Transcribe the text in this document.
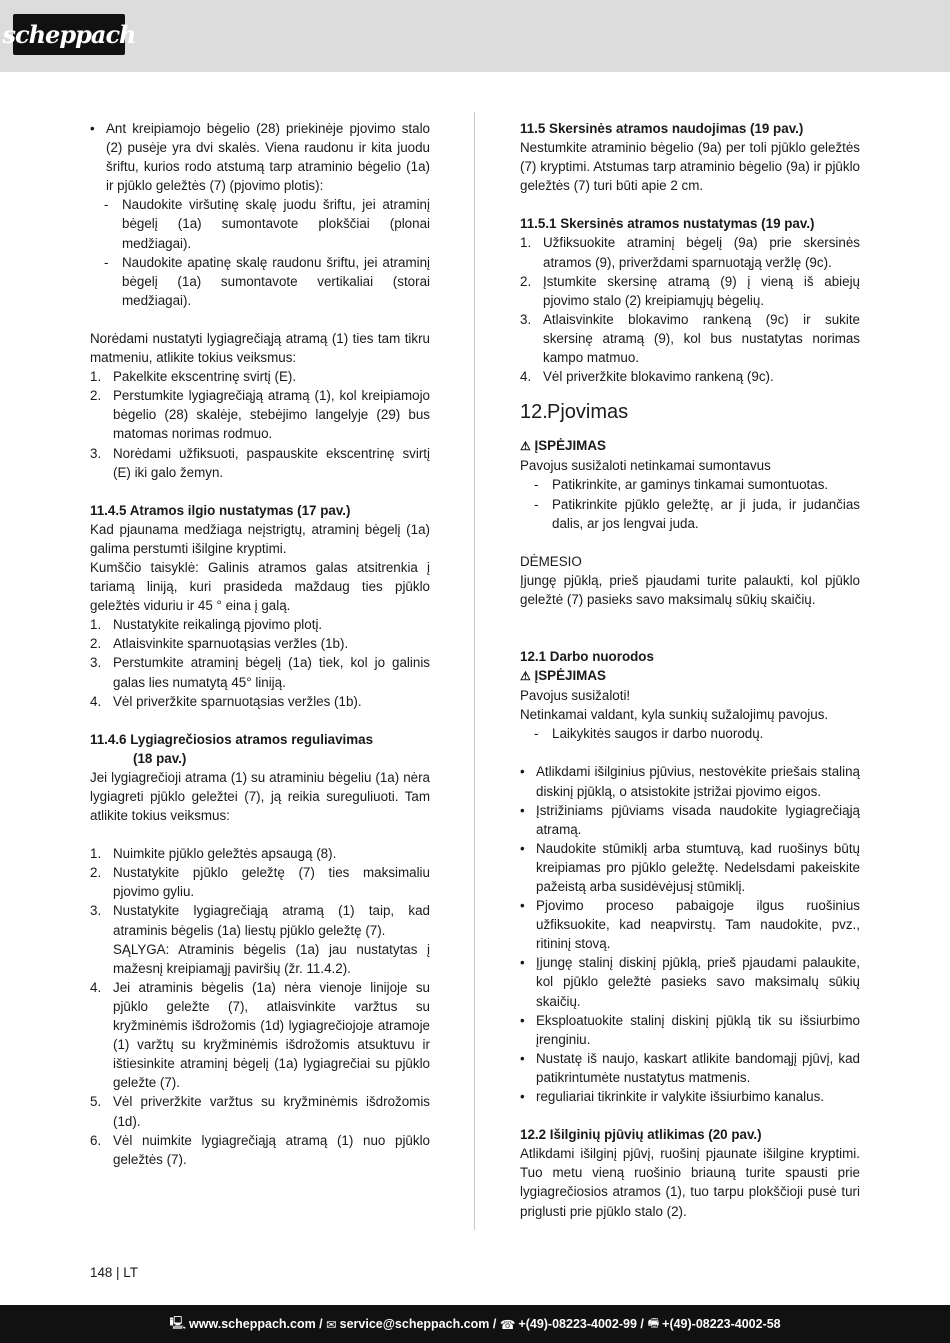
scheppach

• Ant kreipiamojo bėgelio (28) priekinėje pjovimo stalo (2) pusėje yra dvi skalės. Viena raudonu ir kita juodu šriftu, kurios rodo atstumą tarp atraminio bėgelio (1a) ir pjūklo geležtės (7) (pjovimo plotis):

- Naudokite viršutinę skalę juodu šriftu, jei atraminį bėgelį (1a) sumontavote plokščiai (plonai medžiagai).

- Naudokite apatinę skalę raudonu šriftu, jei atraminį bėgelį (1a) sumontavote vertikaliai (storai medžiagai).

Norėdami nustatyti lygiagrečiąją atramą (1) ties tam tikru matmeniu, atlikite tokius veiksmus:

1. Pakelkite ekscentrinę svirtį (E).

2. Perstumkite lygiagrečiąją atramą (1), kol kreipiamojo bėgelio (28) skalėje, stebėjimo langelyje (29) bus matomas norimas rodmuo.

3. Norėdami užfiksuoti, paspauskite ekscentrinę svirtį (E) iki galo žemyn.

11.4.5 Atramos ilgio nustatymas (17 pav.)

Kad pjaunama medžiaga neįstrigtų, atraminį bėgelį (1a) galima perstumti išilgine kryptimi.

Kumščio taisyklė: Galinis atramos galas atsitrenkia į tariamą liniją, kuri prasideda maždaug ties pjūklo geležtės viduriu ir 45 ° eina į galą.

1. Nustatykite reikalingą pjovimo plotį.

2. Atlaisvinkite sparnuotąsias veržles (1b).

3. Perstumkite atraminį bėgelį (1a) tiek, kol jo galinis galas lies numatytą 45° liniją.

4. Vėl priveržkite sparnuotąsias veržles (1b).

11.4.6 Lygiagrečiosios atramos reguliavimas

(18 pav.)

Jei lygiagrečioji atrama (1) su atraminiu bėgeliu (1a) nėra lygiagreti pjūklo geležtei (7), ją reikia sureguliuoti. Tam atlikite tokius veiksmus:

1. Nuimkite pjūklo geležtės apsaugą (8).

2. Nustatykite pjūklo geležtę (7) ties maksimaliu pjovimo gyliu.

3. Nustatykite lygiagrečiąją atramą (1) taip, kad atraminis bėgelis (1a) liestų pjūklo geležtę (7).

SĄLYGA: Atraminis bėgelis (1a) jau nustatytas į mažesnį kreipiamąjį paviršių (žr. 11.4.2).

4. Jei atraminis bėgelis (1a) nėra vienoje linijoje su pjūklo geležte (7), atlaisvinkite varžtus su kryžminėmis išdrožomis (1d) lygiagrečiojoje atramoje (1) varžtų su kryžminėmis išdrožomis atsuktuvu ir ištiesinkite atraminį bėgelį (1a) lygiagrečiai su pjūklo geležte (7).

5. Vėl priveržkite varžtus su kryžminėmis išdrožomis (1d).

6. Vėl nuimkite lygiagrečiąją atramą (1) nuo pjūklo geležtės (7).

11.5 Skersinės atramos naudojimas (19 pav.)

Nestumkite atraminio bėgelio (9a) per toli pjūklo geležtės (7) kryptimi. Atstumas tarp atraminio bėgelio (9a) ir pjūklo geležtės (7) turi būti apie 2 cm.

11.5.1 Skersinės atramos nustatymas (19 pav.)

1. Užfiksuokite atraminį bėgelį (9a) prie skersinės atramos (9), priverždami sparnuotąją veržlę (9c).

2. Įstumkite skersinę atramą (9) į vieną iš abiejų pjovimo stalo (2) kreipiamųjų bėgelių.

3. Atlaisvinkite blokavimo rankeną (9c) ir sukite skersinę atramą (9), kol bus nustatytas norimas kampo matmuo.

4. Vėl priveržkite blokavimo rankeną (9c).

12.Pjovimas

⚠ ĮSPĖJIMAS

Pavojus susižaloti netinkamai sumontavus

- Patikrinkite, ar gaminys tinkamai sumontuotas.

- Patikrinkite pjūklo geležtę, ar ji juda, ir judančias dalis, ar jos lengvai juda.

DĖMESIO

Įjungę pjūklą, prieš pjaudami turite palaukti, kol pjūklo geležtė (7) pasieks savo maksimalų sūkių skaičių.

12.1 Darbo nuorodos

⚠ ĮSPĖJIMAS

Pavojus susižaloti!

Netinkamai valdant, kyla sunkių sužalojimų pavojus.

- Laikykitės saugos ir darbo nuorodų.

• Atlikdami išilginius pjūvius, nestovėkite priešais staliną diskinį pjūklą, o atsistokite įstrižai pjovimo eigos.

• Įstrižiniams pjūviams visada naudokite lygiagrečiąją atramą.

• Naudokite stūmiklį arba stumtuvą, kad ruošinys būtų kreipiamas pro pjūklo geležtę. Nedelsdami pakeiskite pažeistą arba susidėvėjusį stūmiklį.

• Pjovimo proceso pabaigoje ilgus ruošinius užfiksuokite, kad neapvirstų. Tam naudokite, pvz., ritininį stovą.

• Įjungę stalinį diskinį pjūklą, prieš pjaudami palaukite, kol pjūklo geležtė pasieks savo maksimalų sūkių skaičių.

• Eksploatuokite stalinį diskinį pjūklą tik su išsiurbimo įrenginiu.

• Nustatę iš naujo, kaskart atlikite bandomąjį pjūvį, kad patikrintumėte nustatytus matmenis.

• reguliariai tikrinkite ir valykite išsiurbimo kanalus.

12.2 Išilginių pjūvių atlikimas (20 pav.)

Atlikdami išilginį pjūvį, ruošinį pjaunate išilgine kryptimi. Tuo metu vieną ruošinio briauną turite spausti prie lygiagrečiosios atramos (1), tuo tarpu plokščioji pusė turi priglusti prie pjūklo stalo (2).

148 | LT
🖳 www.scheppach.com /
✉ service@scheppach.com /
☎ +(49)-08223-4002-99 /
🖷 +(49)-08223-4002-58
